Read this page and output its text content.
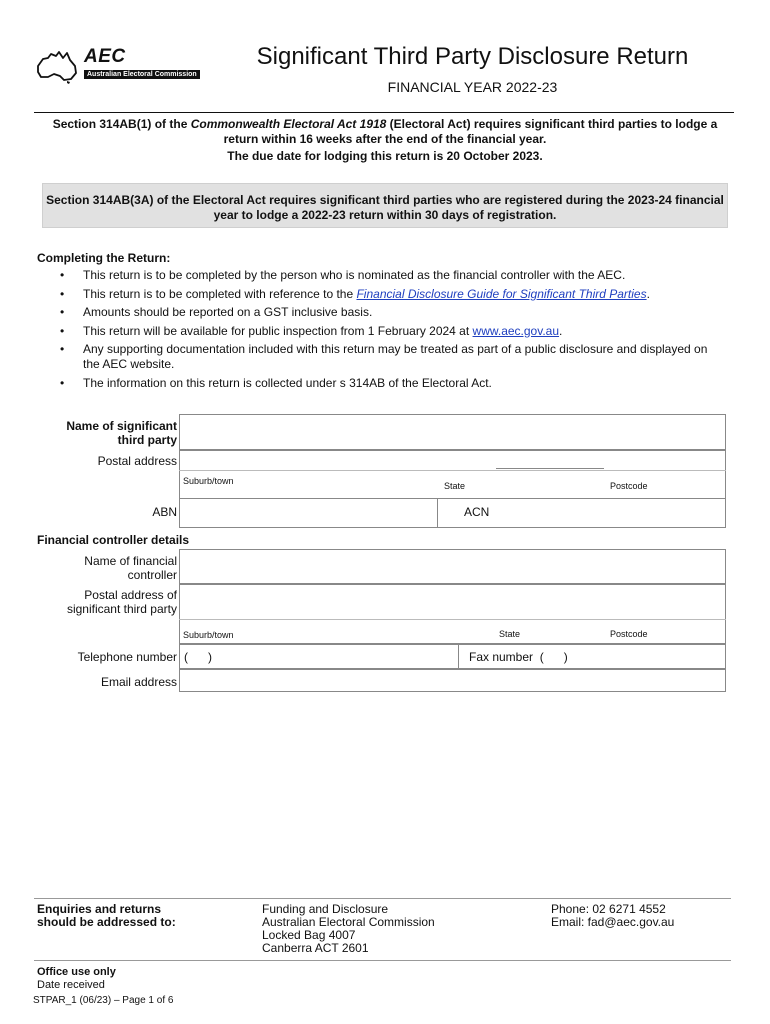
AEC
Australian Electoral Commission
Significant Third Party Disclosure Return
FINANCIAL YEAR 2022-23
Section 314AB(1) of the Commonwealth Electoral Act 1918 (Electoral Act) requires significant third parties to lodge a return within 16 weeks after the end of the financial year.
The due date for lodging this return is 20 October 2023.
Section 314AB(3A) of the Electoral Act requires significant third parties who are registered during the 2023-24 financial year to lodge a 2022-23 return within 30 days of registration.
Completing the Return:
• This return is to be completed by the person who is nominated as the financial controller with the AEC.
• This return is to be completed with reference to the Financial Disclosure Guide for Significant Third Parties.
• Amounts should be reported on a GST inclusive basis.
• This return will be available for public inspection from 1 February 2024 at www.aec.gov.au.
• Any supporting documentation included with this return may be treated as part of a public disclosure and displayed on the AEC website.
• The information on this return is collected under s 314AB of the Electoral Act.
Name of significant
third party
Postal address
Suburb/town	State	Postcode
ABN	ACN
Financial controller details
Name of financial
controller
Postal address of
significant third party
Suburb/town	State	Postcode
Telephone number (      )	Fax number (      )
Email address
Enquiries and returns
should be addressed to:
Funding and Disclosure
Australian Electoral Commission
Locked Bag 4007
Canberra ACT 2601
Phone: 02 6271 4552
Email: fad@aec.gov.au
Office use only
Date received
STPAR_1 (06/23) – Page 1 of 6
